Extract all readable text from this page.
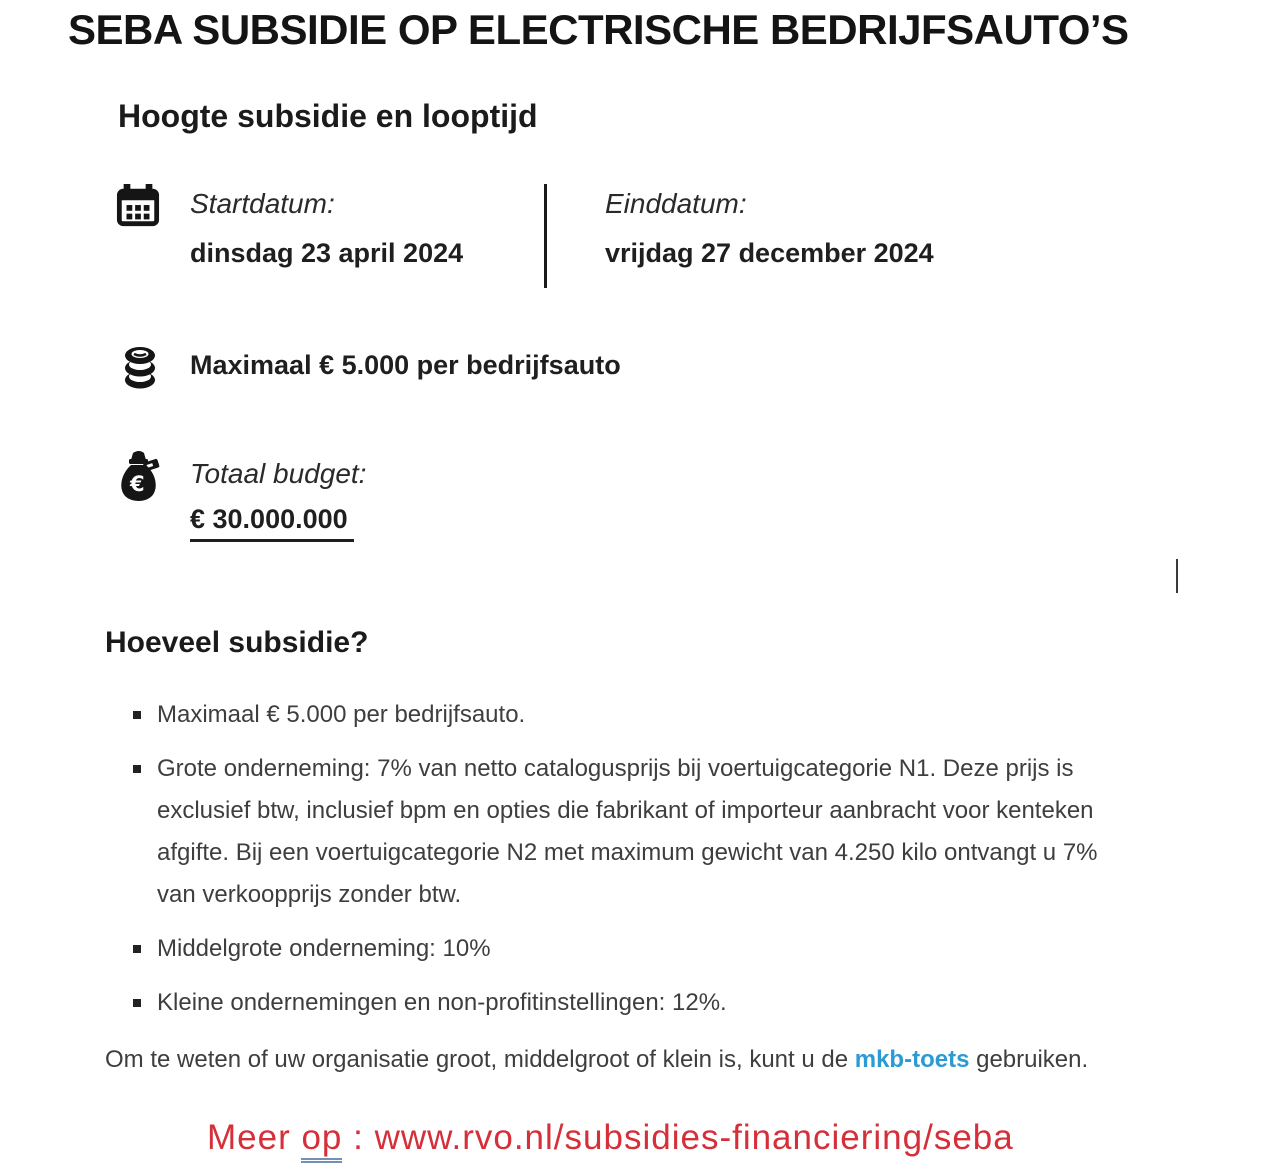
SEBA SUBSIDIE OP ELECTRISCHE BEDRIJFSAUTO’S
Hoogte subsidie en looptijd
Startdatum:
dinsdag 23 april 2024
Einddatum:
vrijdag 27 december 2024
Maximaal € 5.000 per bedrijfsauto
€ Totaal budget:
€ 30.000.000
Hoeveel subsidie?
Maximaal € 5.000 per bedrijfsauto.
Grote onderneming: 7% van netto catalogusprijs bij voertuigcategorie N1. Deze prijs is exclusief btw, inclusief bpm en opties die fabrikant of importeur aanbracht voor kenteken afgifte. Bij een voertuigcategorie N2 met maximum gewicht van 4.250 kilo ontvangt u 7% van verkoopprijs zonder btw.
Middelgrote onderneming: 10%
Kleine ondernemingen en non-profitinstellingen: 12%.

Om te weten of uw organisatie groot, middelgroot of klein is, kunt u de mkb-toets gebruiken.

Meer op : www.rvo.nl/subsidies-financiering/seba
